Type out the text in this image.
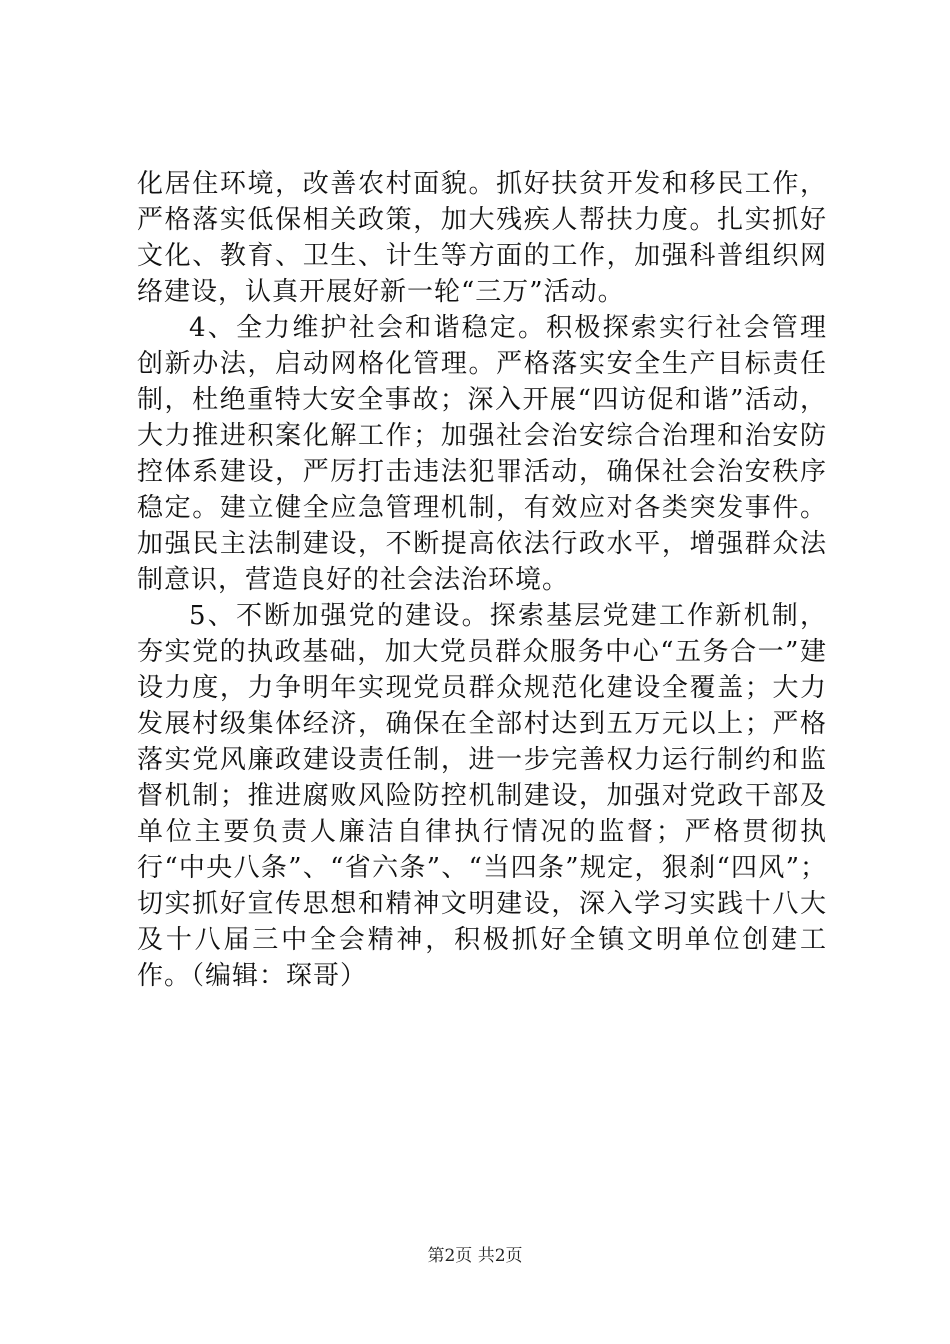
化居住环境，改善农村面貌。抓好扶贫开发和移民工作，严格落实低保相关政策，加大残疾人帮扶力度。扎实抓好文化、教育、卫生、计生等方面的工作，加强科普组织网络建设，认真开展好新一轮“三万”活动。

4、全力维护社会和谐稳定。积极探索实行社会管理创新办法，启动网格化管理。严格落实安全生产目标责任制，杜绝重特大安全事故；深入开展“四访促和谐”活动，大力推进积案化解工作；加强社会治安综合治理和治安防控体系建设，严厉打击违法犯罪活动，确保社会治安秩序稳定。建立健全应急管理机制，有效应对各类突发事件。加强民主法制建设，不断提高依法行政水平，增强群众法制意识，营造良好的社会法治环境。

5、不断加强党的建设。探索基层党建工作新机制，夯实党的执政基础，加大党员群众服务中心“五务合一”建设力度，力争明年实现党员群众规范化建设全覆盖；大力发展村级集体经济，确保在全部村达到五万元以上；严格落实党风廉政建设责任制，进一步完善权力运行制约和监督机制；推进腐败风险防控机制建设，加强对党政干部及单位主要负责人廉洁自律执行情况的监督；严格贯彻执行“中央八条”、“省六条”、“当四条”规定，狠刹“四风”；切实抓好宣传思想和精神文明建设，深入学习实践十八大及十八届三中全会精神，积极抓好全镇文明单位创建工作。（编辑：琛哥）

第2页 共2页
